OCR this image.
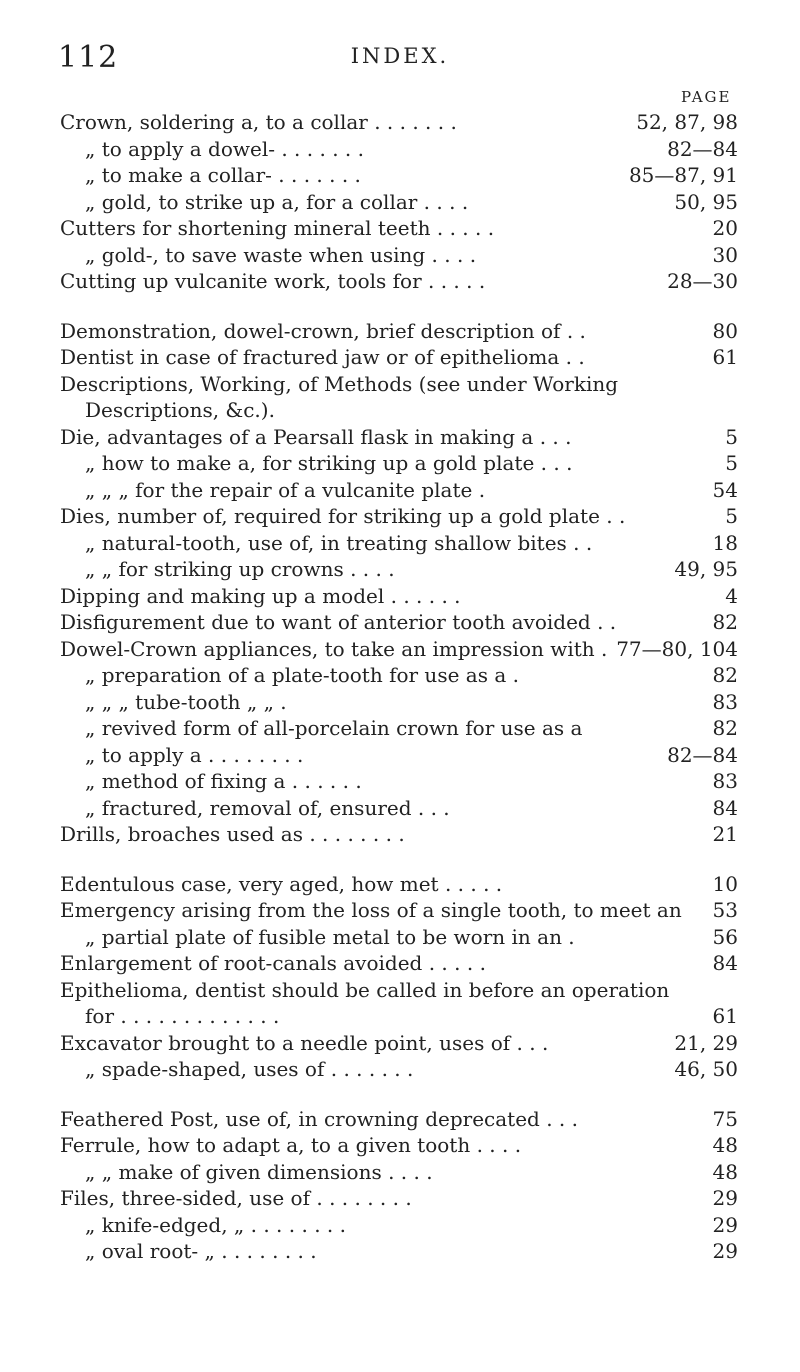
112	INDEX.
PAGE
Crown, soldering a, to a collar . . . . . . .	52, 87, 98
„ to apply a dowel- . . . . . . .	82—84
„ to make a collar- . . . . . . .	85—87, 91
„ gold, to strike up a, for a collar . . . .	50, 95
Cutters for shortening mineral teeth . . . . .	20
„ gold-, to save waste when using . . . .	30
Cutting up vulcanite work, tools for . . . . .	28—30
Demonstration, dowel-crown, brief description of . .	80
Dentist in case of fractured jaw or of epithelioma . .	61
Descriptions, Working, of Methods (see under Working
Descriptions, &c.).
Die, advantages of a Pearsall flask in making a . . .	5
„ how to make a, for striking up a gold plate . . .	5
„ „ „ for the repair of a vulcanite plate .	54
Dies, number of, required for striking up a gold plate . .	5
„ natural-tooth, use of, in treating shallow bites . .	18
„ „ for striking up crowns . . . .	49, 95
Dipping and making up a model . . . . . .	4
Disfigurement due to want of anterior tooth avoided . .	82
Dowel-Crown appliances, to take an impression with . 77—80, 104
„ preparation of a plate-tooth for use as a .	82
„ „ „ tube-tooth „ „ .	83
„ revived form of all-porcelain crown for use as a	82
„ to apply a . . . . . . . .	82—84
„ method of fixing a . . . . . .	83
„ fractured, removal of, ensured . . .	84
Drills, broaches used as . . . . . . . .	21
Edentulous case, very aged, how met . . . . .	10
Emergency arising from the loss of a single tooth, to meet an 53
„ partial plate of fusible metal to be worn in an .	56
Enlargement of root-canals avoided . . . . .	84
Epithelioma, dentist should be called in before an operation
for . . . . . . . . . . . . .	61
Excavator brought to a needle point, uses of . . .	21, 29
„ spade-shaped, uses of . . . . . . .	46, 50
Feathered Post, use of, in crowning deprecated . . .	75
Ferrule, how to adapt a, to a given tooth . . . .	48
„ „ make of given dimensions . . . .	48
Files, three-sided, use of . . . . . . . .	29
„ knife-edged, „ . . . . . . . .	29
„ oval root- „ . . . . . . . .	29
